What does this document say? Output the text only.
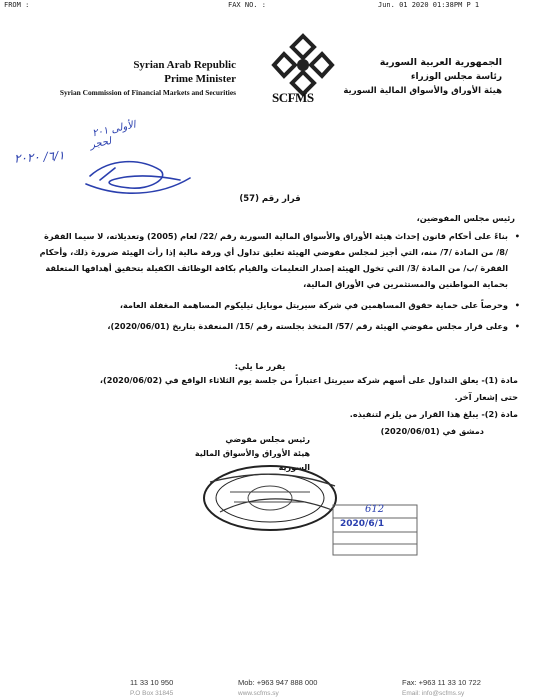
FROM :	FAX NO. :	Jun. 01 2020 01:38PM P 1
Syrian Arab Republic
Prime Minister
Syrian Commission of Financial Markets and Securities	SCFMS
الجمهورية العربية السورية
رئاسة مجلس الوزراء
هيئة الأوراق والأسواق المالية السورية
الأولى ٢٠١
لحجر
٦/١/ ٢٠٢٠
قرار رقم (57)
رئيس مجلس المفوضين،
•
بناءً على أحكام قانون إحداث هيئة الأوراق والأسواق المالية السورية رقم /22/ لعام (2005) وتعديلاته، لا سيما الفقرة /8/ من المادة /7/ منه، التي أجيز لمجلس مفوضي الهيئة تعليق تداول أي ورقة مالية إذا رأت الهيئة ضرورة ذلك، وأحكام الفقرة /ب/ من المادة /3/ التي تخول الهيئة إصدار التعليمات والقيام بكافة الوظائف الكفيلة بتحقيق أهدافها المتعلقة بحماية المواطنين والمستثمرين في الأوراق المالية،
•
وحرصاً على حماية حقوق المساهمين في شركة سيريتل موبايل تيليكوم المساهمة المغفلة العامة،
•
وعلى قرار مجلس مفوضي الهيئة رقم /57/ المتخذ بجلسته رقم /15/ المنعقدة بتاريخ (2020/06/01)،
يقرر ما يلي:
مادة (1)- يعلق التداول على أسهم شركة سيريتل اعتباراً من جلسة يوم الثلاثاء الواقع في (2020/06/02)،
حتى إشعار آخر.
مادة (2)- يبلغ هذا القرار من يلزم لتنفيذه.
دمشق في (2020/06/01)
رئيس مجلس مفوضي
هيئة الأوراق والأسواق المالية السورية
612
2020/6/1
11 33 10 950	Mob: +963 947 888 000	Fax: +963 11 33 10 722
P.O Box 31845	www.scfms.sy	Email: info@scfms.sy
